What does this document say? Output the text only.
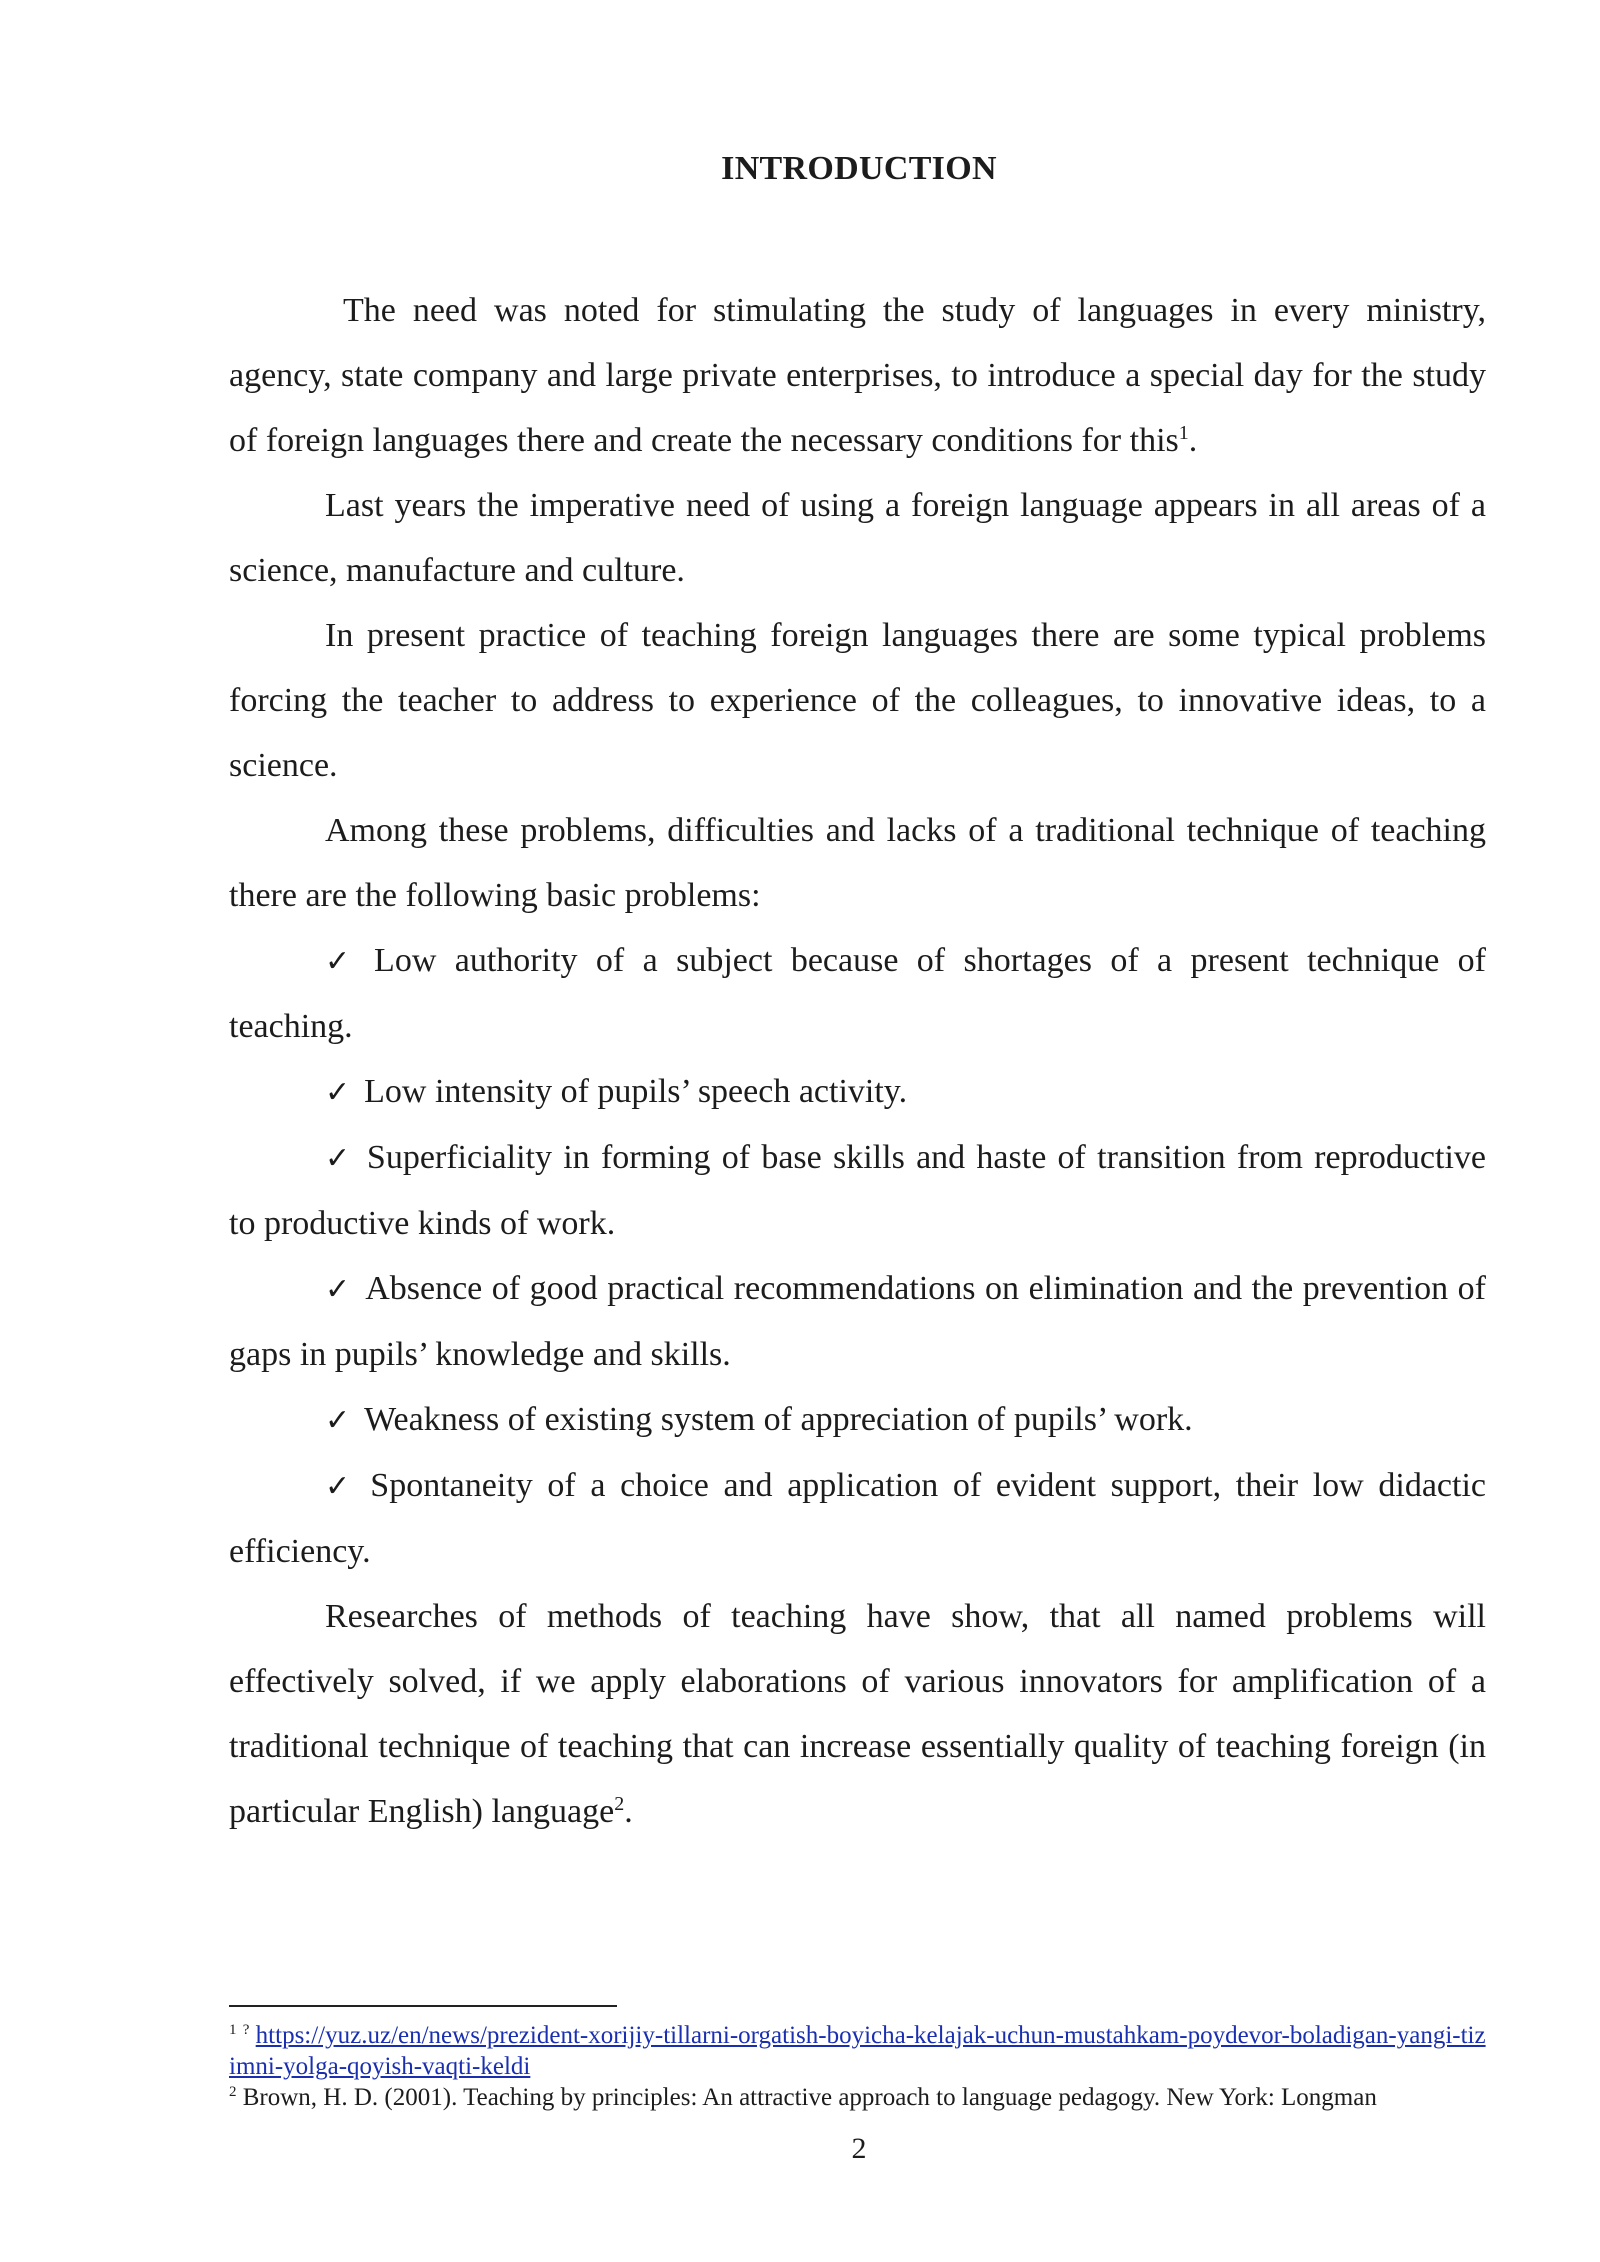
INTRODUCTION

The need was noted for stimulating the study of languages in every ministry, agency, state company and large private enterprises, to introduce a special day for the study of foreign languages there and create the necessary conditions for this$^1$.

Last years the imperative need of using a foreign language appears in all areas of a science, manufacture and culture.

In present practice of teaching foreign languages there are some typical problems forcing the teacher to address to experience of the colleagues, to innovative ideas, to a science.

Among these problems, difficulties and lacks of a traditional technique of teaching there are the following basic problems:

✓ Low authority of a subject because of shortages of a present technique of teaching.

✓ Low intensity of pupils’ speech activity.

✓ Superficiality in forming of base skills and haste of transition from reproductive to productive kinds of work.

✓ Absence of good practical recommendations on elimination and the prevention of gaps in pupils’ knowledge and skills.

✓ Weakness of existing system of appreciation of pupils’ work.

✓ Spontaneity of a choice and application of evident support, their low didactic efficiency.

Researches of methods of teaching have show, that all named problems will effectively solved, if we apply elaborations of various innovators for amplification of a traditional technique of teaching that can increase essentially quality of teaching foreign (in particular English) language$^2$.

$^1$ ? https://yuz.uz/en/news/prezident-xorijiy-tillarni-orgatish-boyicha-kelajak-uchun-mustahkam-poydevor-boladigan-yangi-tizimni-yolga-qoyish-vaqti-keldi

$^2$ Brown, H. D. (2001). Teaching by principles: An attractive approach to language pedagogy. New York: Longman

2
